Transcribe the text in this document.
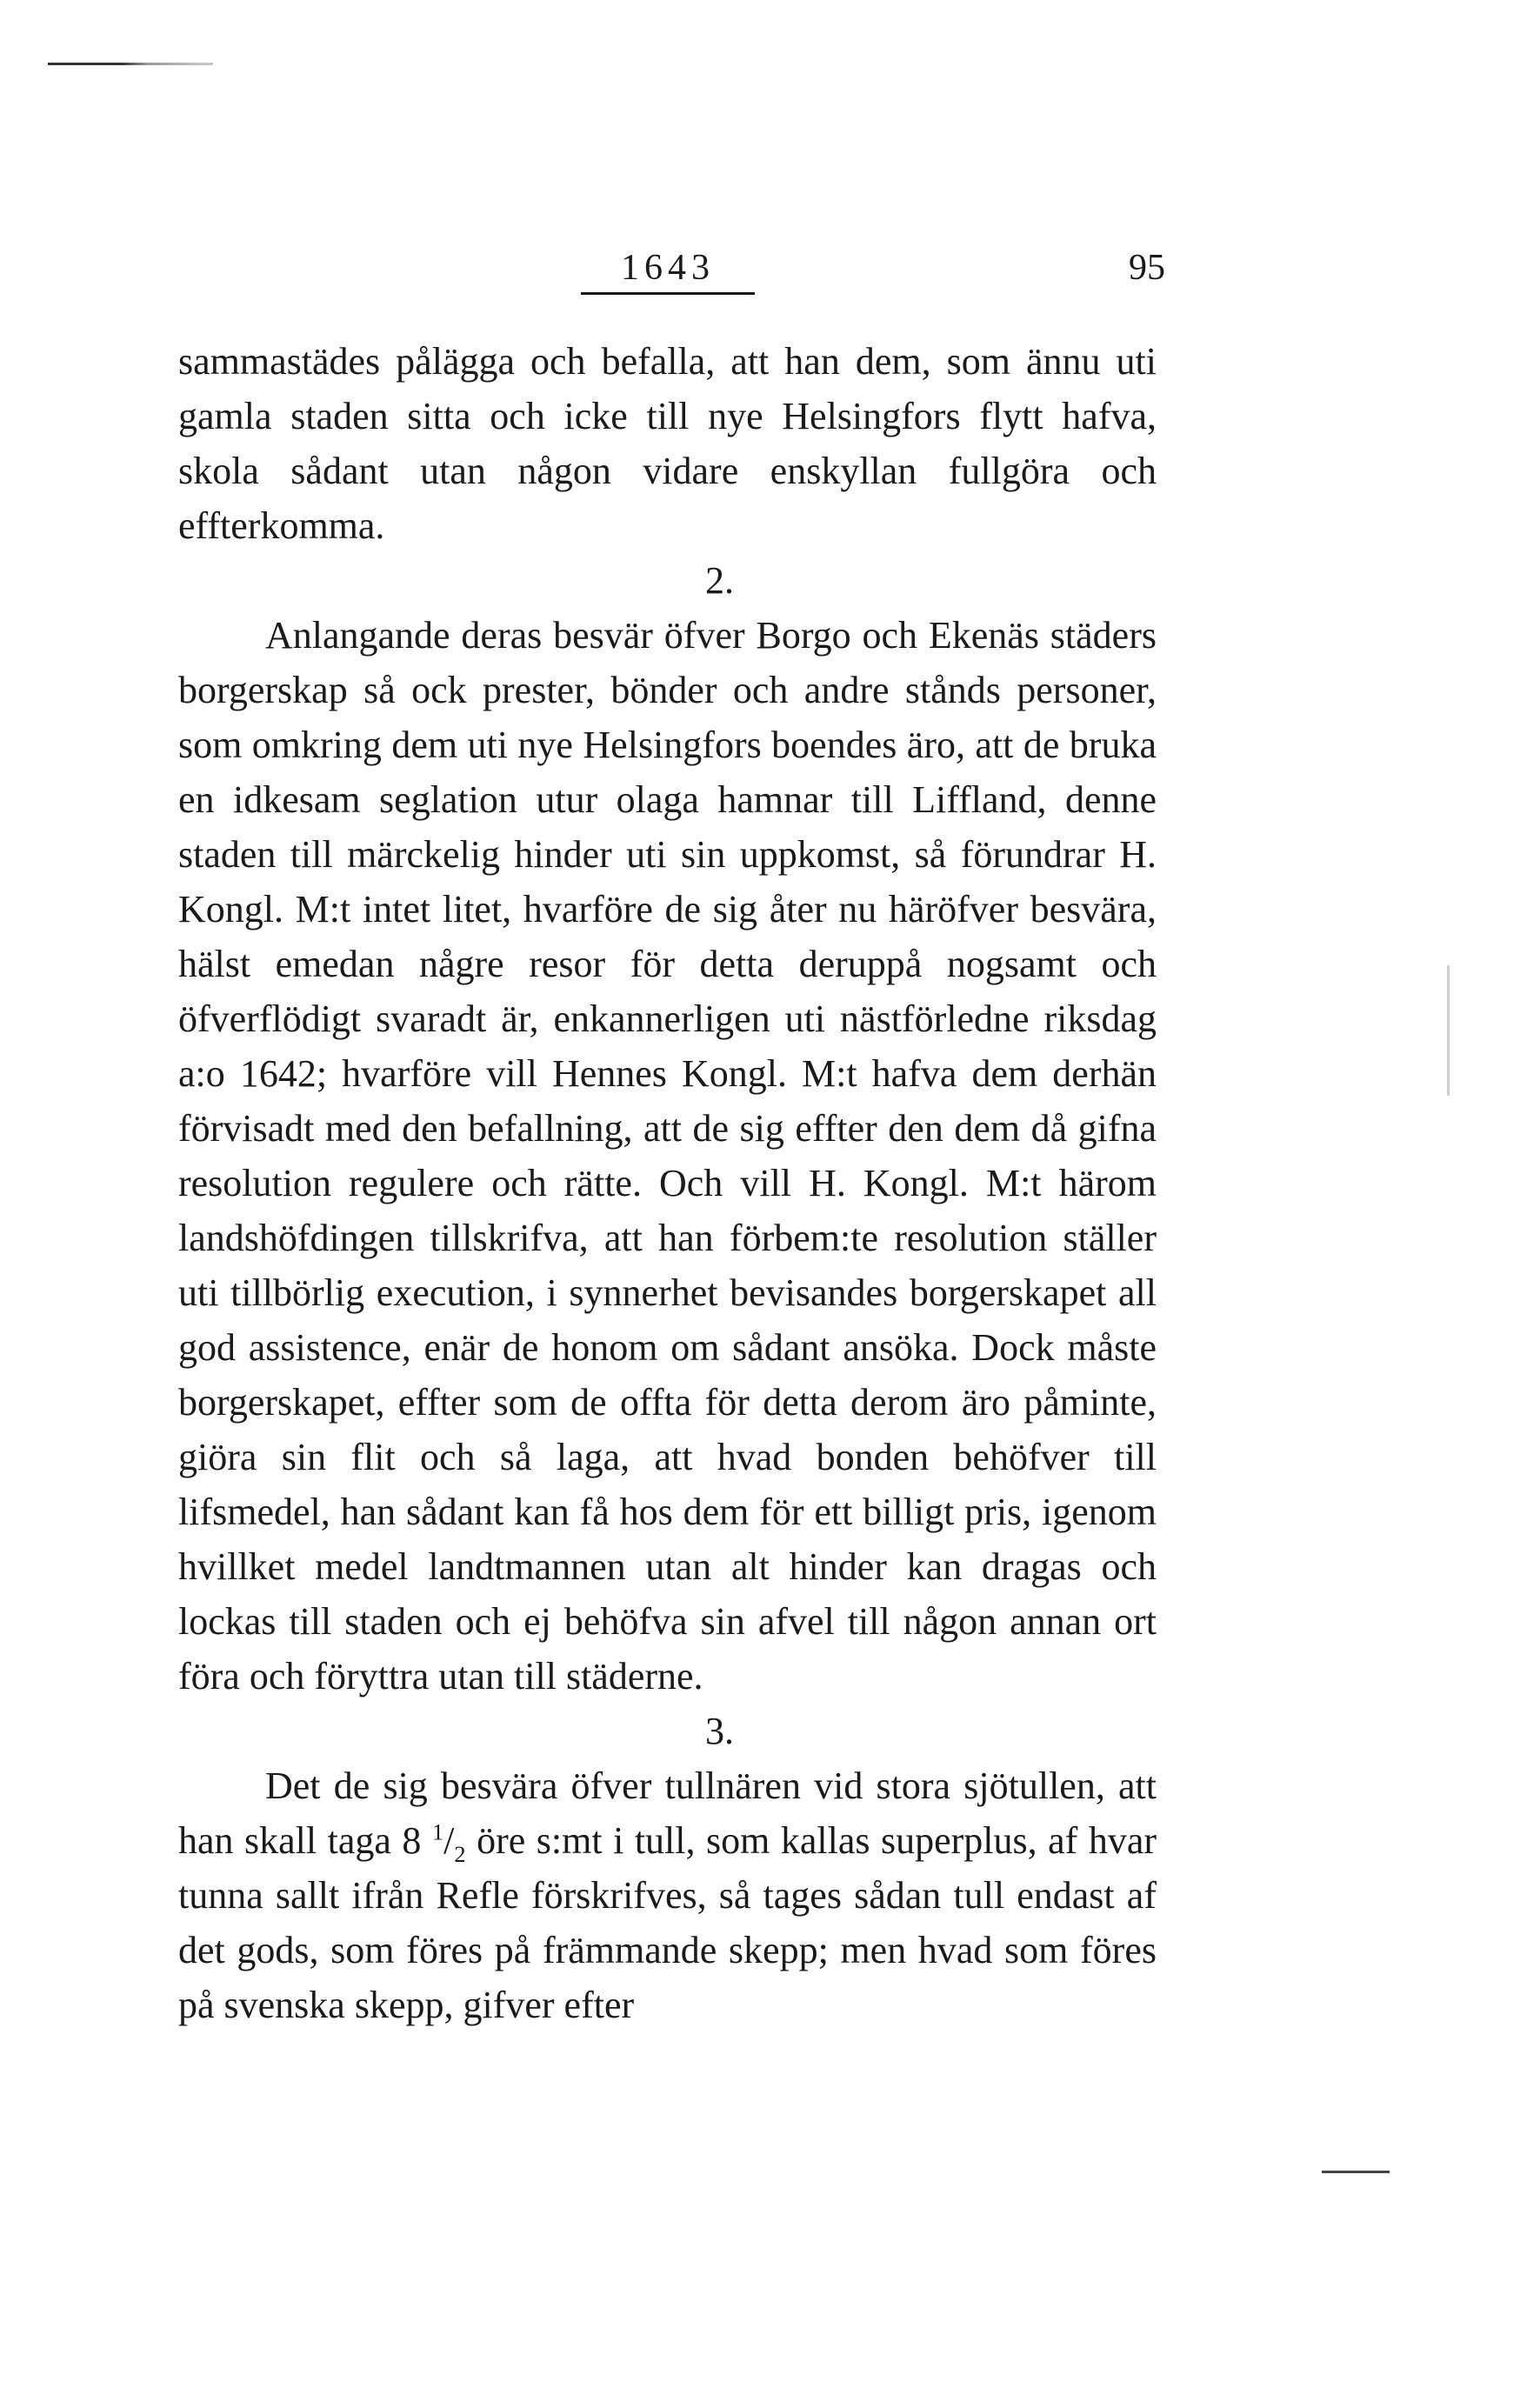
1643	95

sammastädes pålägga och befalla, att han dem, som ännu uti gamla staden sitta och icke till nye Helsingfors flytt hafva, skola sådant utan någon vidare enskyllan fullgöra och effterkomma.

2.

Anlangande deras besvär öfver Borgo och Ekenäs städers borgerskap så ock prester, bönder och andre stånds personer, som omkring dem uti nye Helsingfors boendes äro, att de bruka en idkesam seglation utur olaga hamnar till Liffland, denne staden till märckelig hinder uti sin uppkomst, så förundrar H. Kongl. M:t intet litet, hvarföre de sig åter nu häröfver besvära, hälst emedan någre resor för detta deruppå nogsamt och öfverflödigt svaradt är, enkannerligen uti nästförledne riksdag a:o 1642; hvarföre vill Hennes Kongl. M:t hafva dem derhän förvisadt med den befallning, att de sig effter den dem då gifna resolution regulere och rätte. Och vill H. Kongl. M:t härom landshöfdingen tillskrifva, att han förbem:te resolution ställer uti tillbörlig execution, i synnerhet bevisandes borgerskapet all god assistence, enär de honom om sådant ansöka. Dock måste borgerskapet, effter som de offta för detta derom äro påminte, giöra sin flit och så laga, att hvad bonden behöfver till lifsmedel, han sådant kan få hos dem för ett billigt pris, igenom hvillket medel landtmannen utan alt hinder kan dragas och lockas till staden och ej behöfva sin afvel till någon annan ort föra och föryttra utan till städerne.

3.

Det de sig besvära öfver tullnären vid stora sjötullen, att han skall taga 8 $^1/_2$ öre s:mt i tull, som kallas superplus, af hvar tunna sallt ifrån Refle förskrifves, så tages sådan tull endast af det gods, som föres på främmande skepp; men hvad som föres på svenska skepp, gifver efter
